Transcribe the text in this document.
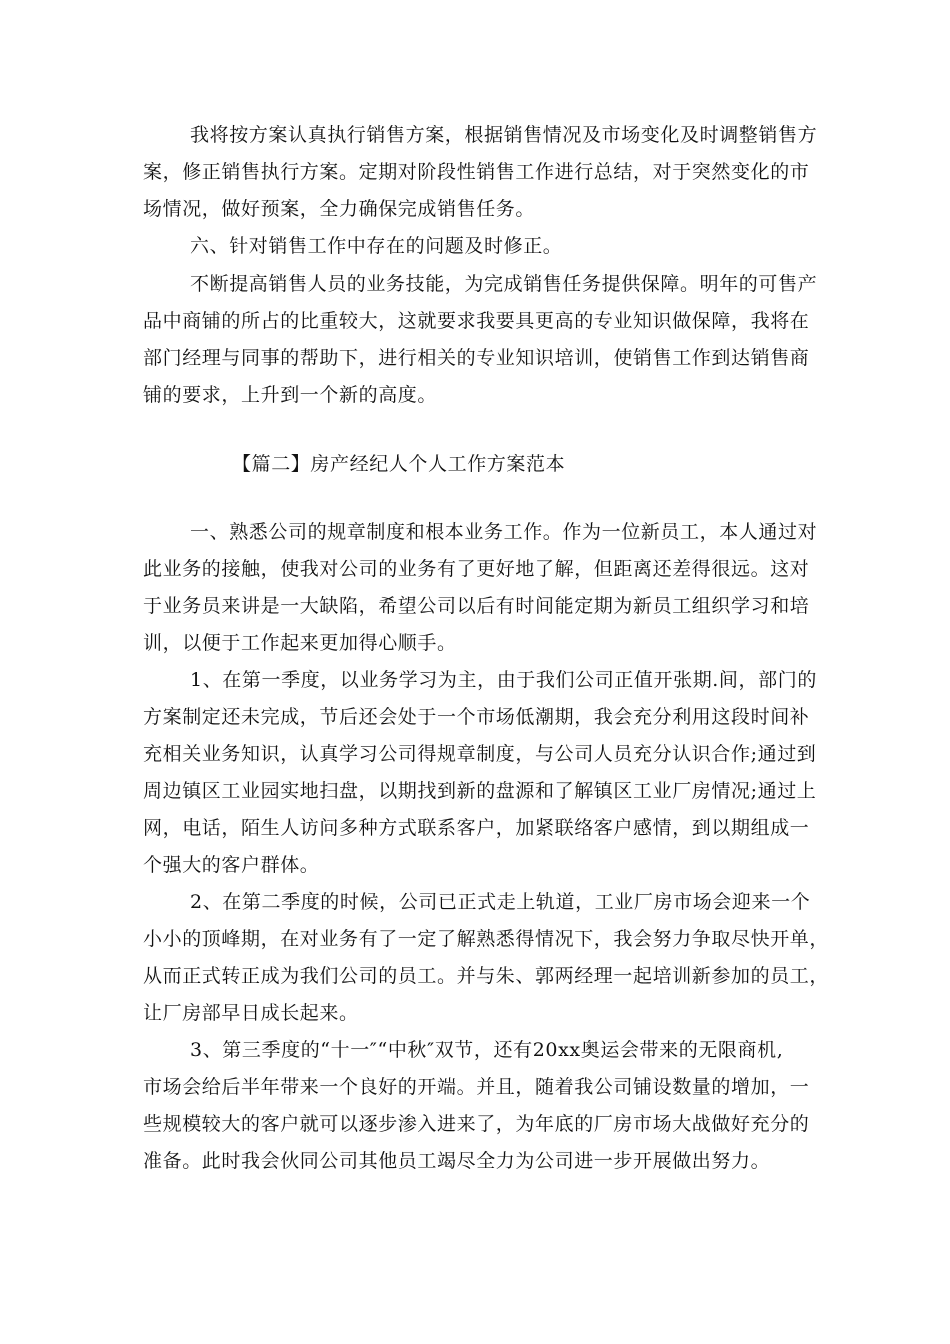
我将按方案认真执行销售方案，根据销售情况及市场变化及时调整销售方
案，修正销售执行方案。定期对阶段性销售工作进行总结，对于突然变化的市
场情况，做好预案，全力确保完成销售任务。
六、针对销售工作中存在的问题及时修正。
不断提高销售人员的业务技能，为完成销售任务提供保障。明年的可售产
品中商铺的所占的比重较大，这就要求我要具更高的专业知识做保障，我将在
部门经理与同事的帮助下，进行相关的专业知识培训，使销售工作到达销售商
铺的要求，上升到一个新的高度。
【篇二】房产经纪人个人工作方案范本
一、熟悉公司的规章制度和根本业务工作。作为一位新员工，本人通过对
此业务的接触，使我对公司的业务有了更好地了解，但距离还差得很远。这对
于业务员来讲是一大缺陷，希望公司以后有时间能定期为新员工组织学习和培
训，以便于工作起来更加得心顺手。
1、在第一季度，以业务学习为主，由于我们公司正值开张期.间，部门的
方案制定还未完成，节后还会处于一个市场低潮期，我会充分利用这段时间补
充相关业务知识，认真学习公司得规章制度，与公司人员充分认识合作;通过到
周边镇区工业园实地扫盘，以期找到新的盘源和了解镇区工业厂房情况;通过上
网，电话，陌生人访问多种方式联系客户，加紧联络客户感情，到以期组成一
个强大的客户群体。
2、在第二季度的时候，公司已正式走上轨道，工业厂房市场会迎来一个
小小的顶峰期，在对业务有了一定了解熟悉得情况下，我会努力争取尽快开单，
从而正式转正成为我们公司的员工。并与朱、郭两经理一起培训新参加的员工，
让厂房部早日成长起来。
3、第三季度的“十一″“中秋″双节，还有20xx奥运会带来的无限商机,
市场会给后半年带来一个良好的开端。并且，随着我公司铺设数量的增加，一
些规模较大的客户就可以逐步渗入进来了，为年底的厂房市场大战做好充分的
准备。此时我会伙同公司其他员工竭尽全力为公司进一步开展做出努力。
